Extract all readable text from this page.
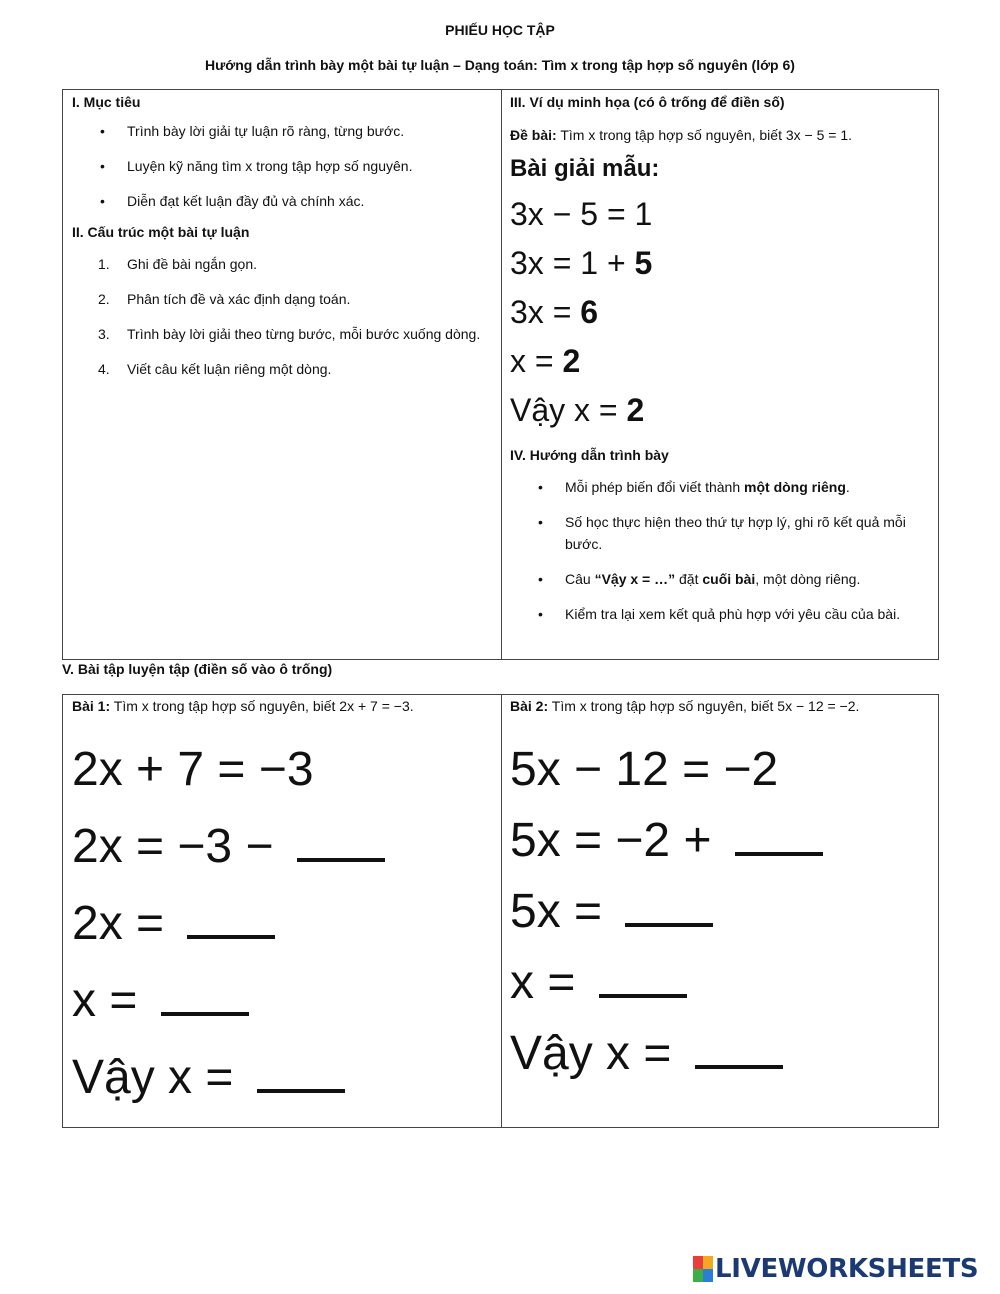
PHIẾU HỌC TẬP
Hướng dẫn trình bày một bài tự luận – Dạng toán: Tìm x trong tập hợp số nguyên (lớp 6)
I. Mục tiêu
• Trình bày lời giải tự luận rõ ràng, từng bước.
• Luyện kỹ năng tìm x trong tập hợp số nguyên.
• Diễn đạt kết luận đầy đủ và chính xác.
II. Cấu trúc một bài tự luận
1. Ghi đề bài ngắn gọn.
2. Phân tích đề và xác định dạng toán.
3. Trình bày lời giải theo từng bước, mỗi bước xuống dòng.
4. Viết câu kết luận riêng một dòng.
III. Ví dụ minh họa (có ô trống để điền số)
Đề bài: Tìm x trong tập hợp số nguyên, biết 3x − 5 = 1.
Bài giải mẫu:
3x − 5 = 1
3x = 1 + 5
3x = 6
x = 2
Vậy x = 2
IV. Hướng dẫn trình bày
• Mỗi phép biến đổi viết thành một dòng riêng.
• Số học thực hiện theo thứ tự hợp lý, ghi rõ kết quả mỗi bước.
• Câu “Vậy x = …” đặt cuối bài, một dòng riêng.
• Kiểm tra lại xem kết quả phù hợp với yêu cầu của bài.
V. Bài tập luyện tập (điền số vào ô trống)
Bài 1: Tìm x trong tập hợp số nguyên, biết 2x + 7 = −3.
2x + 7 = −3
2x = −3 −
2x =
x =
Vậy x =
Bài 2: Tìm x trong tập hợp số nguyên, biết 5x − 12 = −2.
5x − 12 = −2
5x = −2 +
5x =
x =
Vậy x =
LIVEWORKSHEETS
